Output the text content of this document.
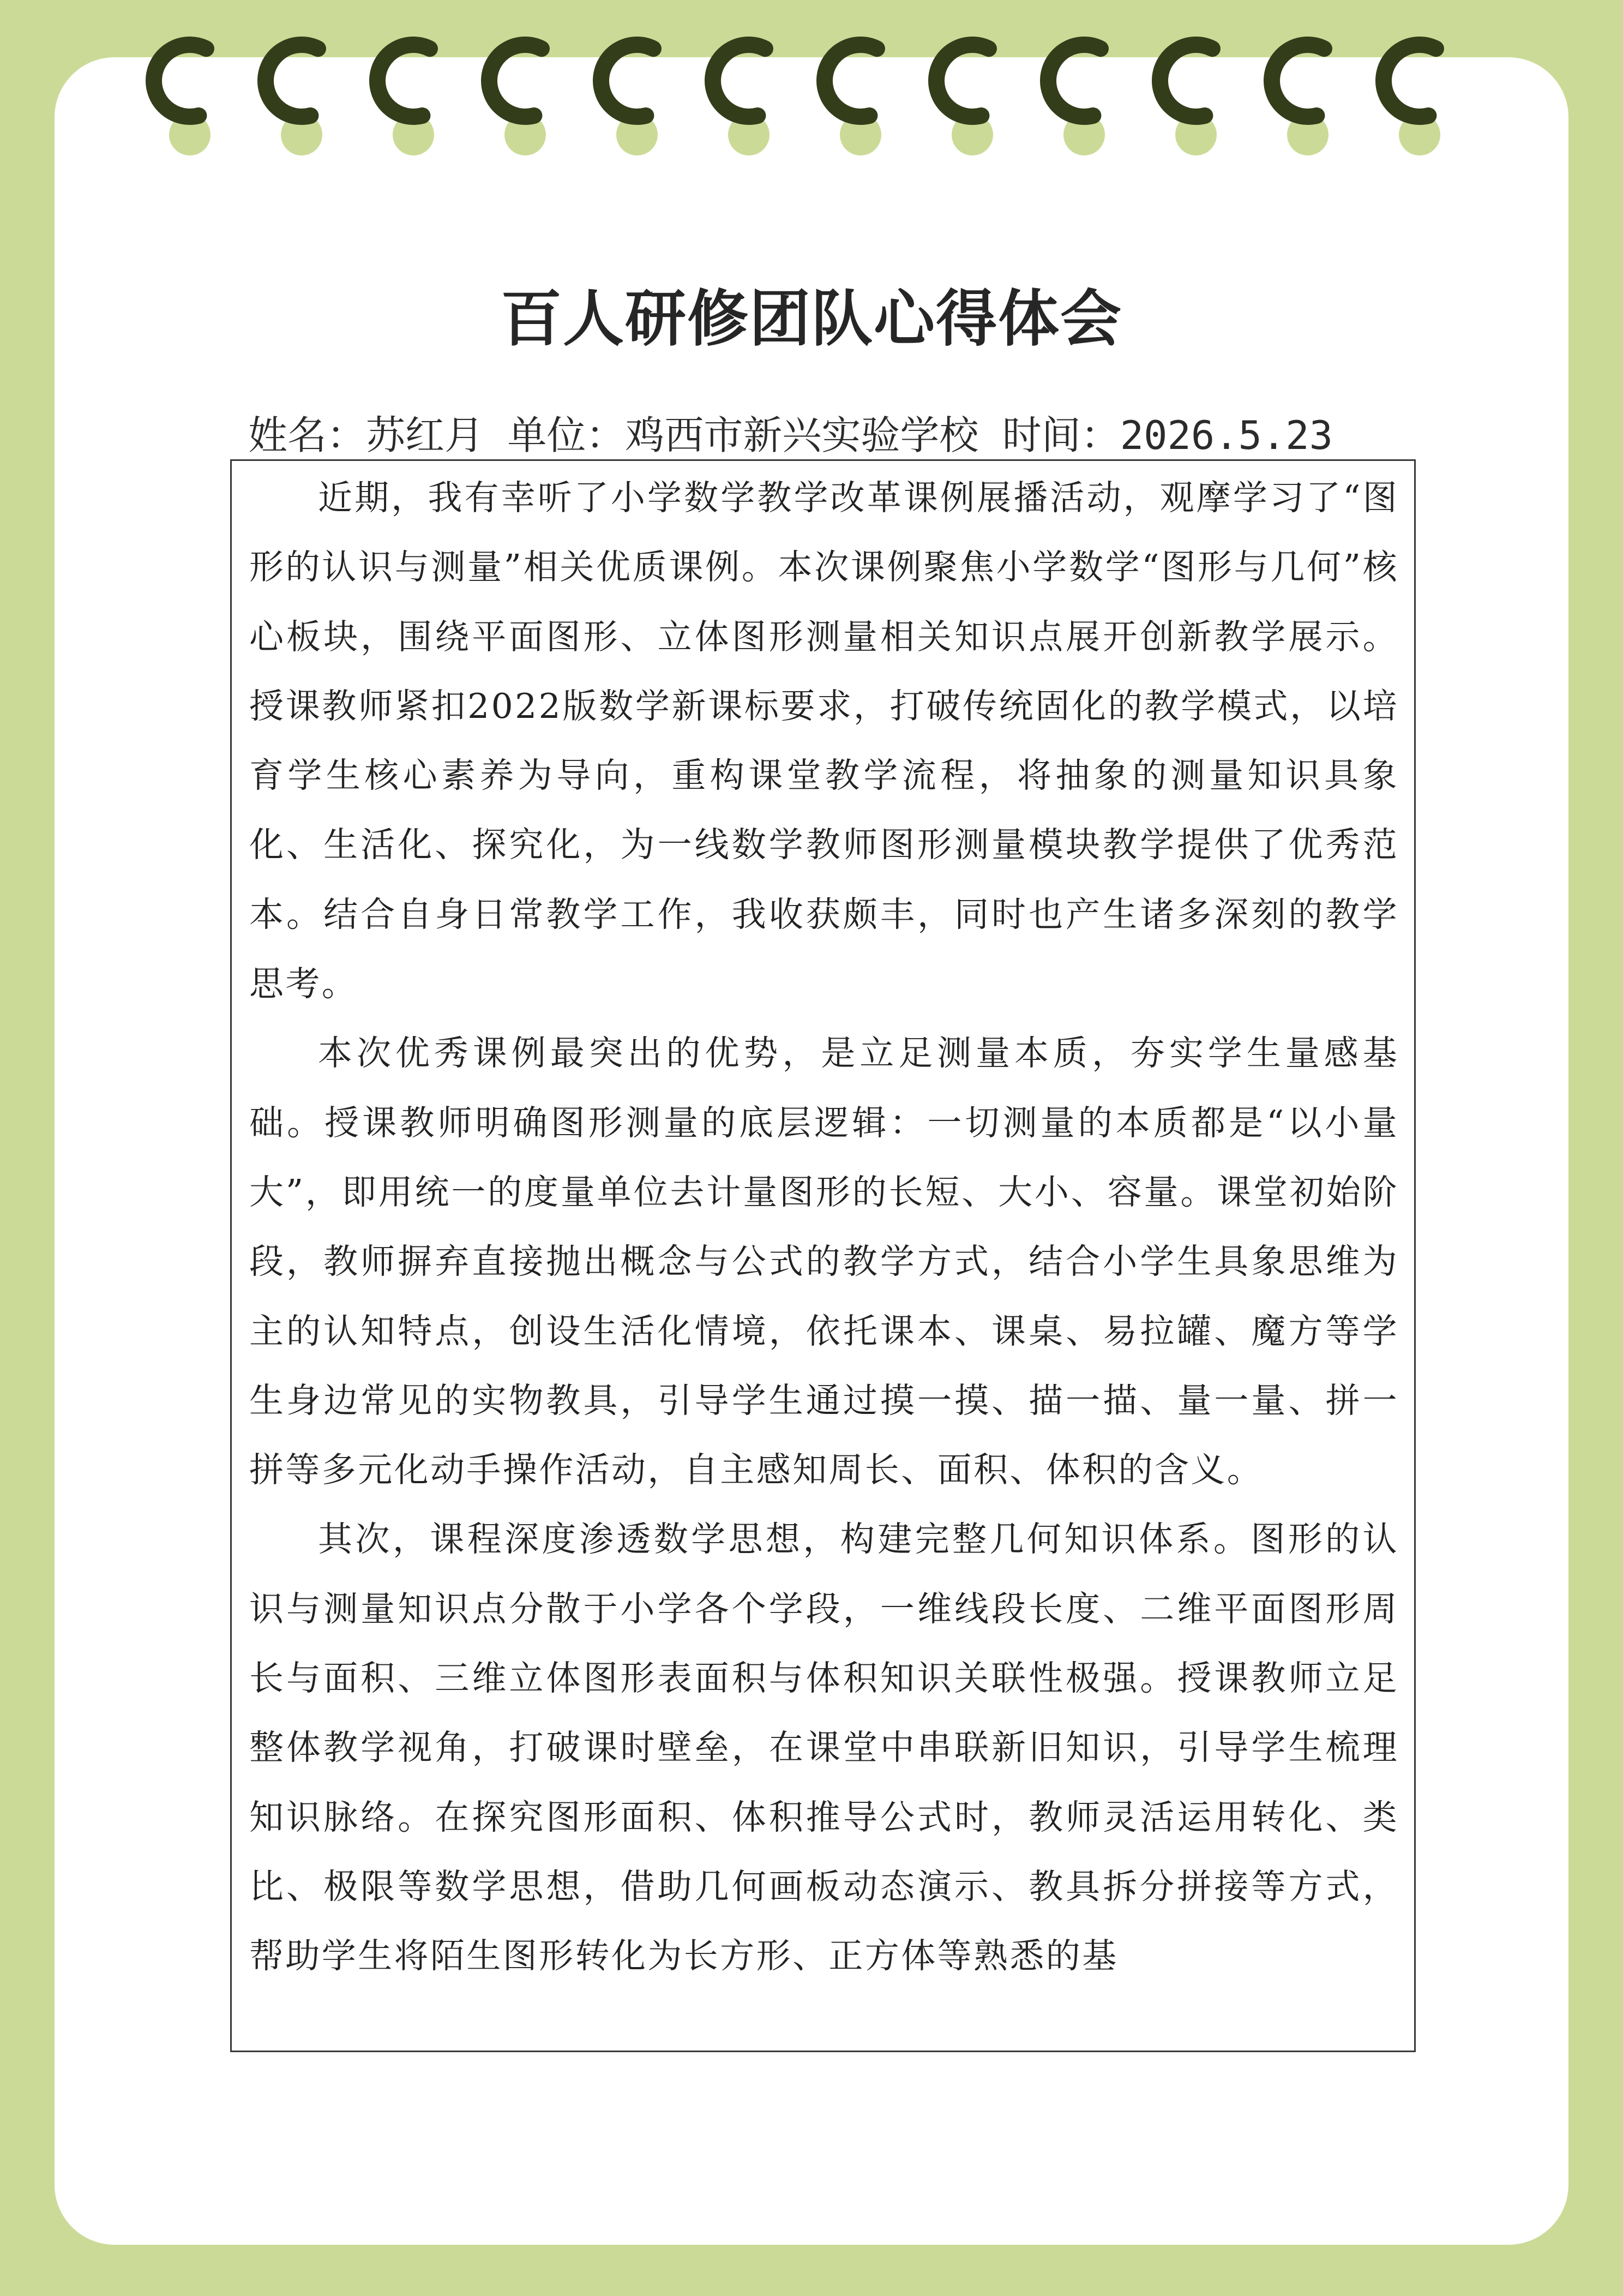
百人研修团队心得体会
姓名：苏红月 单位：鸡西市新兴实验学校 时间：2026.5.23

近期，我有幸听了小学数学教学改革课例展播活动，观摩学习了“图形的认识与测量”相关优质课例。本次课例聚焦小学数学“图形与几何”核心板块，围绕平面图形、立体图形测量相关知识点展开创新教学展示。授课教师紧扣2022版数学新课标要求，打破传统固化的教学模式，以培育学生核心素养为导向，重构课堂教学流程，将抽象的测量知识具象化、生活化、探究化，为一线数学教师图形测量模块教学提供了优秀范本。结合自身日常教学工作，我收获颇丰，同时也产生诸多深刻的教学思考。

本次优秀课例最突出的优势，是立足测量本质，夯实学生量感基础。授课教师明确图形测量的底层逻辑：一切测量的本质都是“以小量大”，即用统一的度量单位去计量图形的长短、大小、容量。课堂初始阶段，教师摒弃直接抛出概念与公式的教学方式，结合小学生具象思维为主的认知特点，创设生活化情境，依托课本、课桌、易拉罐、魔方等学生身边常见的实物教具，引导学生通过摸一摸、描一描、量一量、拼一拼等多元化动手操作活动，自主感知周长、面积、体积的含义。

其次，课程深度渗透数学思想，构建完整几何知识体系。图形的认识与测量知识点分散于小学各个学段，一维线段长度、二维平面图形周长与面积、三维立体图形表面积与体积知识关联性极强。授课教师立足整体教学视角，打破课时壁垒，在课堂中串联新旧知识，引导学生梳理知识脉络。在探究图形面积、体积推导公式时，教师灵活运用转化、类比、极限等数学思想，借助几何画板动态演示、教具拆分拼接等方式，帮助学生将陌生图形转化为长方形、正方体等熟悉的基
